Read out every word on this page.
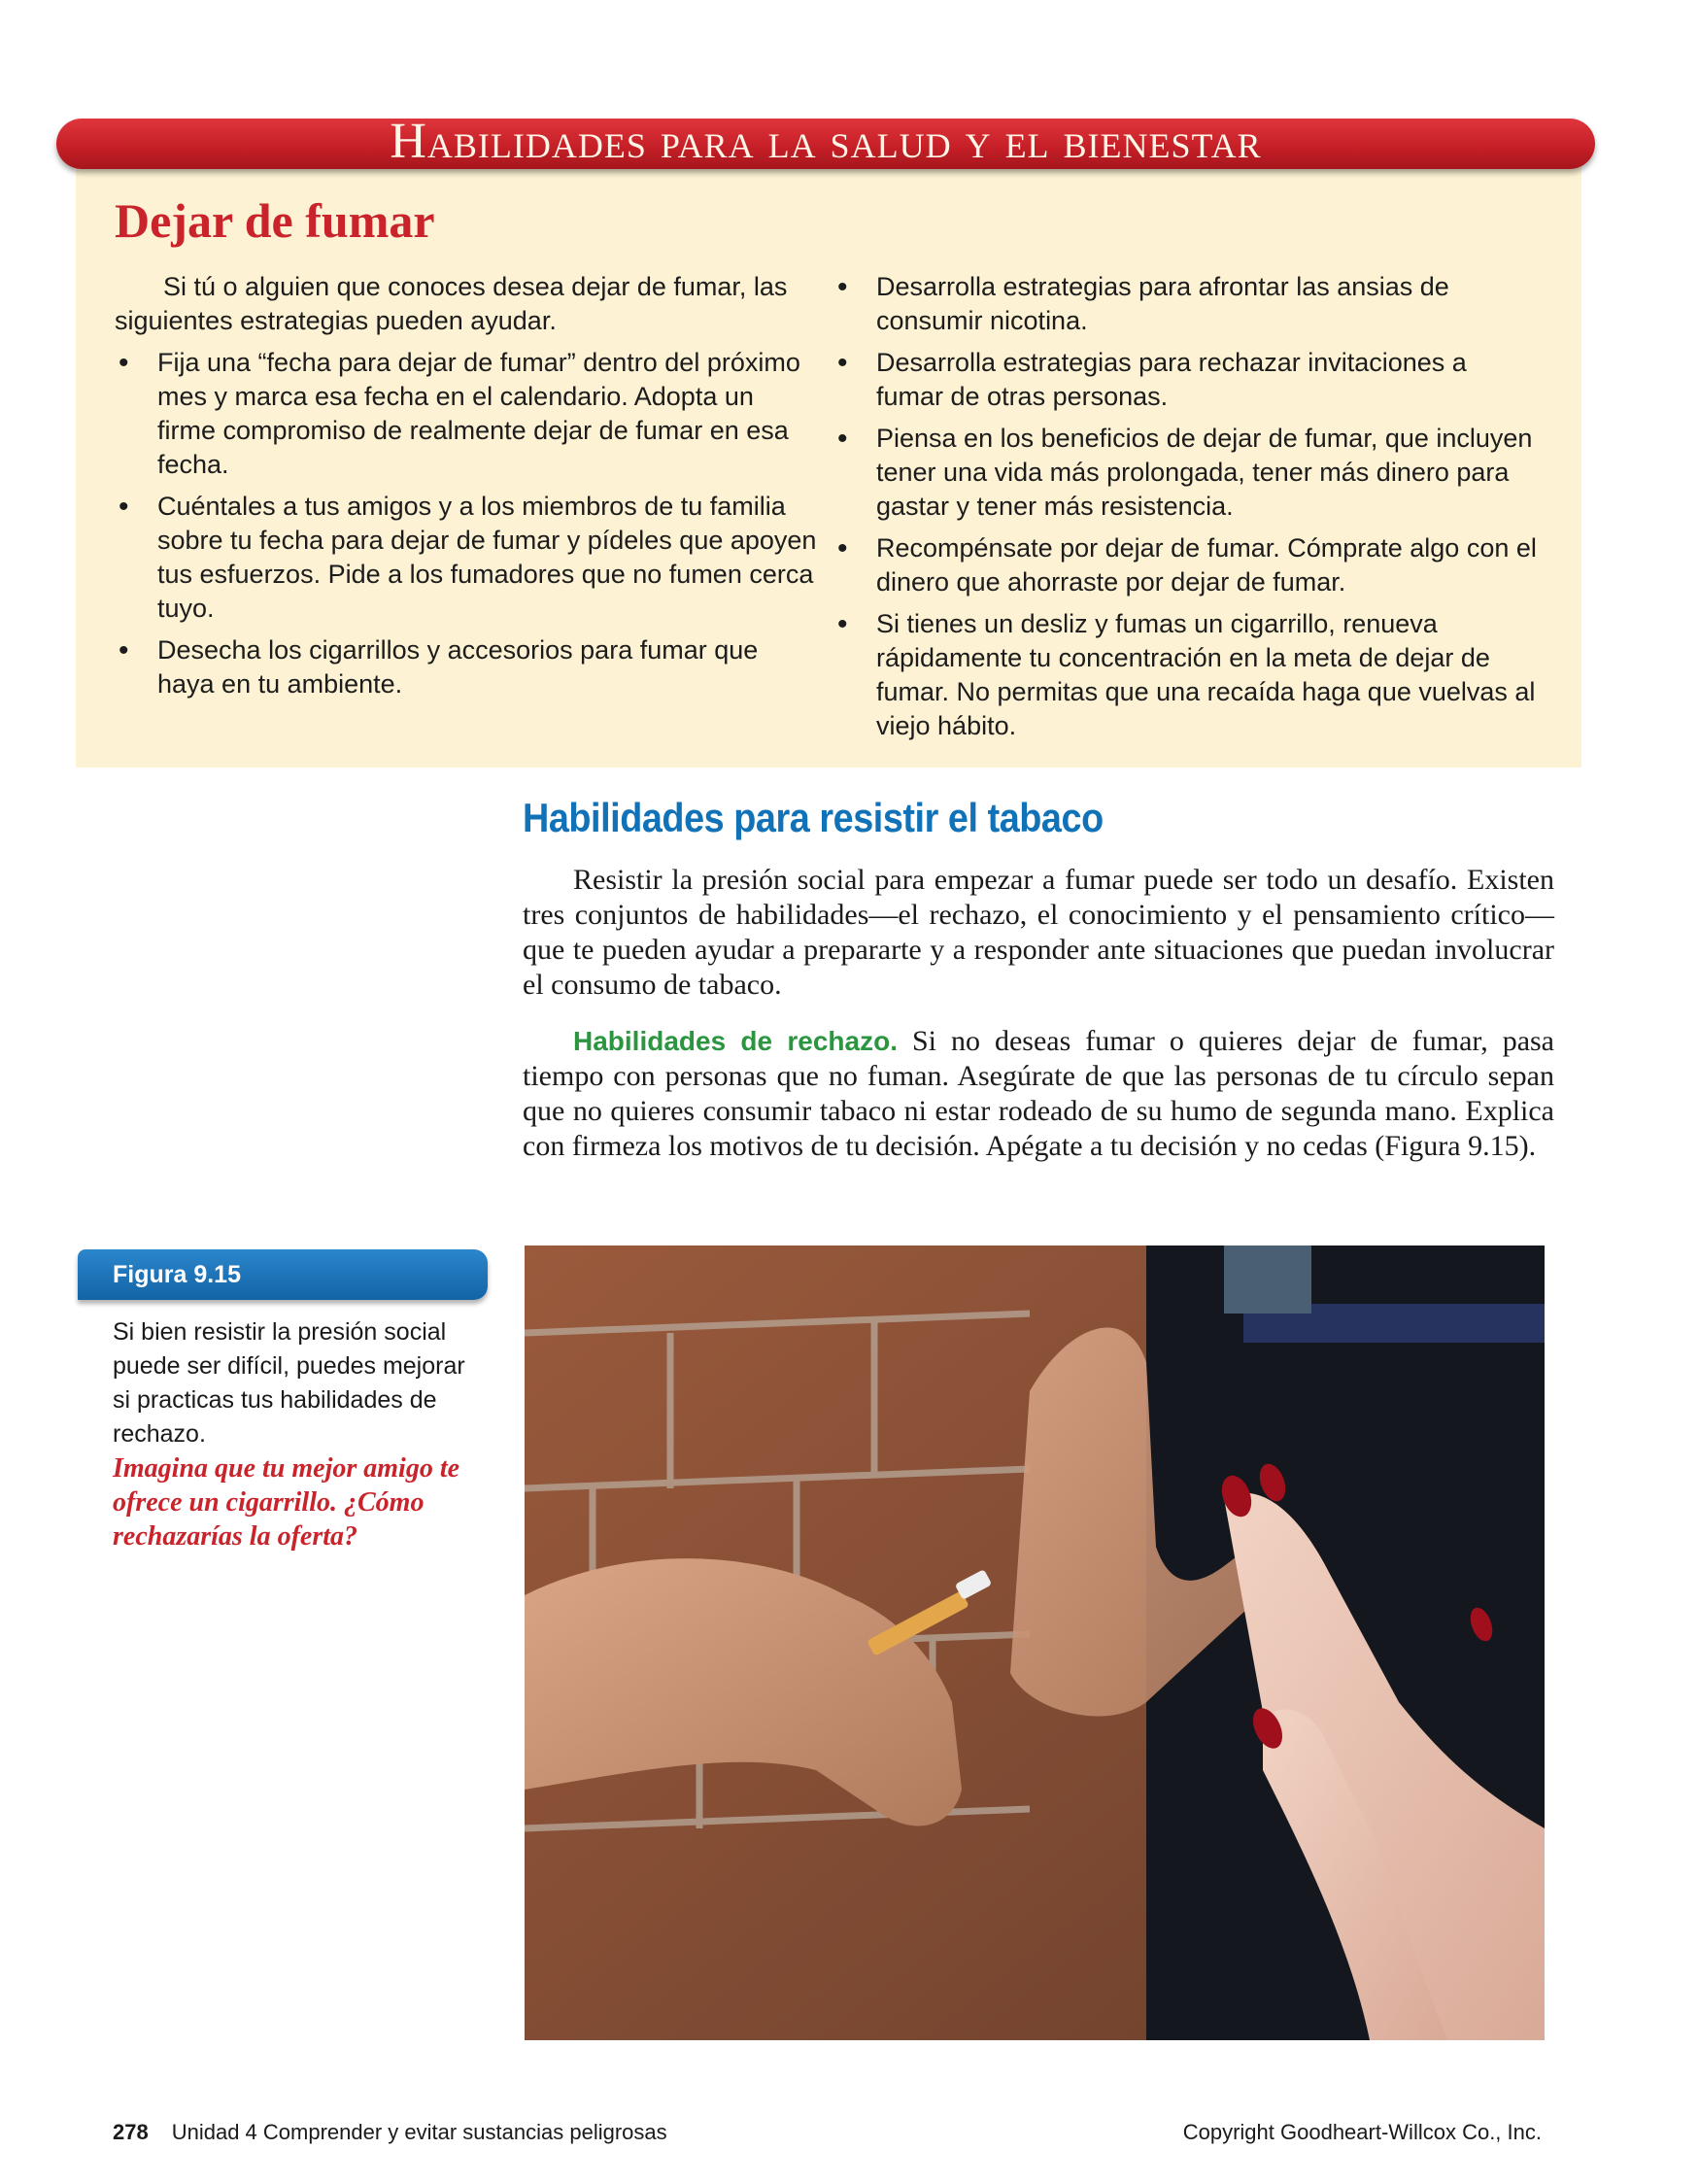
Habilidades para la salud y el bienestar
Dejar de fumar

Si tú o alguien que conoces desea dejar de fumar, las siguientes estrategias pueden ayudar.

• Fija una “fecha para dejar de fumar” dentro del próximo mes y marca esa fecha en el calendario. Adopta un firme compromiso de realmente dejar de fumar en esa fecha.
• Cuéntales a tus amigos y a los miembros de tu familia sobre tu fecha para dejar de fumar y pídeles que apoyen tus esfuerzos. Pide a los fumadores que no fumen cerca tuyo.
• Desecha los cigarrillos y accesorios para fumar que haya en tu ambiente.
• Desarrolla estrategias para afrontar las ansias de consumir nicotina.
• Desarrolla estrategias para rechazar invitaciones a fumar de otras personas.
• Piensa en los beneficios de dejar de fumar, que incluyen tener una vida más prolongada, tener más dinero para gastar y tener más resistencia.
• Recompénsate por dejar de fumar. Cómprate algo con el dinero que ahorraste por dejar de fumar.
• Si tienes un desliz y fumas un cigarrillo, renueva rápidamente tu concentración en la meta de dejar de fumar. No permitas que una recaída haga que vuelvas al viejo hábito.
Habilidades para resistir el tabaco

Resistir la presión social para empezar a fumar puede ser todo un desafío. Existen tres conjuntos de habilidades—el rechazo, el conocimiento y el pensamiento crítico—que te pueden ayudar a prepararte y a responder ante situaciones que puedan involucrar el consumo de tabaco.

Habilidades de rechazo. Si no deseas fumar o quieres dejar de fumar, pasa tiempo con personas que no fuman. Asegúrate de que las personas de tu círculo sepan que no quieres consumir tabaco ni estar rodeado de su humo de segunda mano. Explica con firmeza los motivos de tu decisión. Apégate a tu decisión y no cedas (Figura 9.15).

Figura 9.15

Si bien resistir la presión social puede ser difícil, puedes mejorar si practicas tus habilidades de rechazo.
Imagina que tu mejor amigo te ofrece un cigarrillo. ¿Cómo rechazarías la oferta?

278 Unidad 4 Comprender y evitar sustancias peligrosas	Copyright Goodheart-Willcox Co., Inc.
